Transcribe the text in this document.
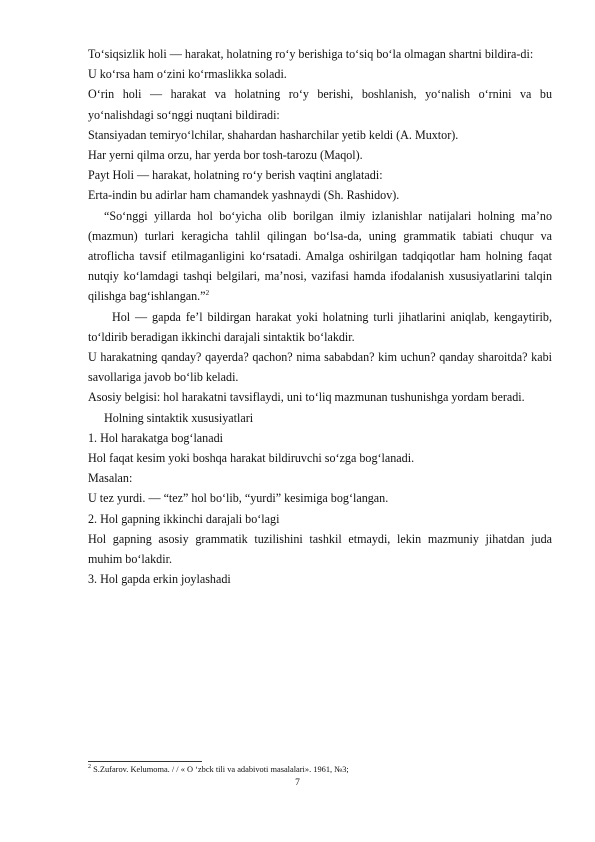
To‘siqsizlik holi — harakat, holatning ro‘y berishiga to‘siq bo‘la olmagan shartni bildira-di:

U ko‘rsa ham o‘zini ko‘rmaslikka soladi.

O‘rin holi — harakat va holatning ro‘y berishi, boshlanish, yo‘nalish o‘rnini va bu yo‘nalishdagi so‘nggi nuqtani bildiradi:

Stansiyadan temiryo‘lchilar, shahardan hasharchilar yetib keldi (A. Muxtor).

Har yerni qilma orzu, har yerda bor tosh-tarozu (Maqol).

Payt Holi — harakat, holatning ro‘y berish vaqtini anglatadi:

Erta-indin bu adirlar ham chamandek yashnaydi (Sh. Rashidov).

“So‘nggi yillarda hol bo‘yicha olib borilgan ilmiy izlanishlar natijalari holning ma’no (mazmun) turlari keragicha tahlil qilingan bo‘lsa-da, uning grammatik tabiati chuqur va atroflicha tavsif etilmaganligini ko‘rsatadi. Amalga oshirilgan tadqiqotlar ham holning faqat nutqiy ko‘lamdagi tashqi belgilari, ma’nosi, vazifasi hamda ifodalanish xususiyatlarini talqin qilishga bag‘ishlangan.”$^2$

Hol — gapda fe’l bildirgan harakat yoki holatning turli jihatlarini aniqlab, kengaytirib, to‘ldirib beradigan ikkinchi darajali sintaktik bo‘lakdir.

U harakatning qanday? qayerda? qachon? nima sababdan? kim uchun? qanday sharoitda? kabi savollariga javob bo‘lib keladi.

Asosiy belgisi: hol harakatni tavsiflaydi, uni to‘liq mazmunan tushunishga yordam beradi.

Holning sintaktik xususiyatlari

1. Hol harakatga bog‘lanadi

Hol faqat kesim yoki boshqa harakat bildiruvchi so‘zga bog‘lanadi.

Masalan:

U tez yurdi. — “tez” hol bo‘lib, “yurdi” kesimiga bog‘langan.

2. Hol gapning ikkinchi darajali bo‘lagi

Hol gapning asosiy grammatik tuzilishini tashkil etmaydi, lekin mazmuniy jihatdan juda muhim bo‘lakdir.

3. Hol gapda erkin joylashadi

$^2$ S.Zufarov. Kelumoma. / / « O ‘zbck tili va adabivoti masalalari». 1961, №3;
7
